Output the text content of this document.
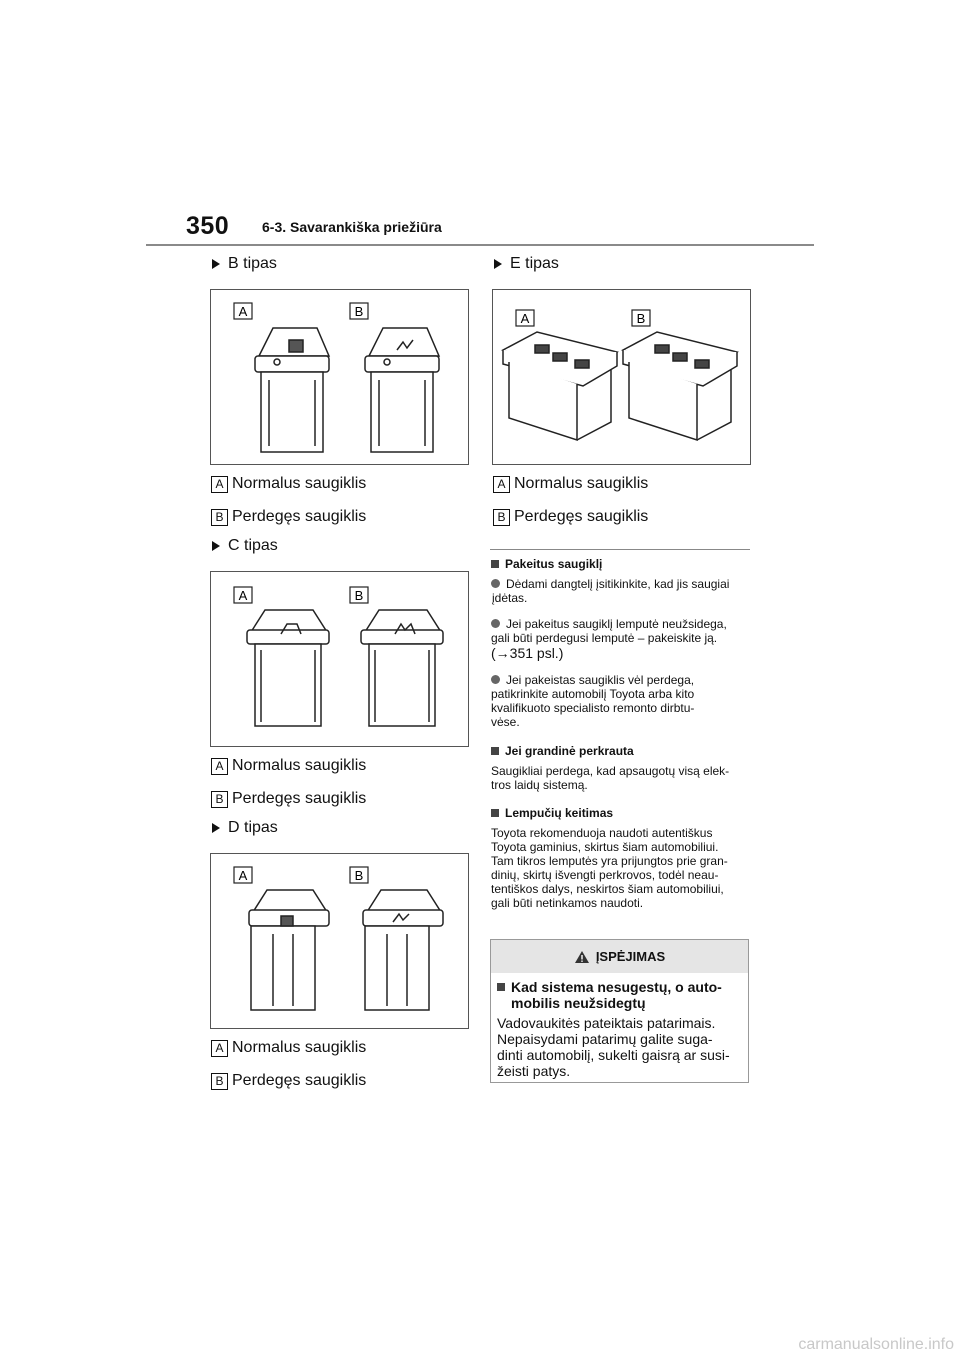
350 6-3. Savarankiška priežiūra
B tipas
A	B
A Normalus saugiklis
B Perdegęs saugiklis
C tipas
A	B
A Normalus saugiklis
B Perdegęs saugiklis
D tipas
A	B
A Normalus saugiklis
B Perdegęs saugiklis
E tipas
A	B
A Normalus saugiklis
B Perdegęs saugiklis
Pakeitus saugiklį
Dėdami dangtelį įsitikinkite, kad jis saugiai
įdėtas.
Jei pakeitus saugiklį lemputė neužsidega,
gali būti perdegusi lemputė – pakeiskite ją.
(→351 psl.)
Jei pakeistas saugiklis vėl perdega,
patikrinkite automobilį Toyota arba kito
kvalifikuoto specialisto remonto dirbtu-
vėse.
Jei grandinė perkrauta
Saugikliai perdega, kad apsaugotų visą elek-
tros laidų sistemą.
Lempučių keitimas
Toyota rekomenduoja naudoti autentiškus
Toyota gaminius, skirtus šiam automobiliui.
Tam tikros lemputės yra prijungtos prie gran-
dinių, skirtų išvengti perkrovos, todėl neau-
tentiškos dalys, neskirtos šiam automobiliui,
gali būti netinkamos naudoti.
ĮSPĖJIMAS
Kad sistema nesugestų, o auto-
mobilis neužsidegtų
Vadovaukitės pateiktais patarimais.
Nepaisydami patarimų galite suga-
dinti automobilį, sukelti gaisrą ar susi-
žeisti patys.
carmanualsonline.info
